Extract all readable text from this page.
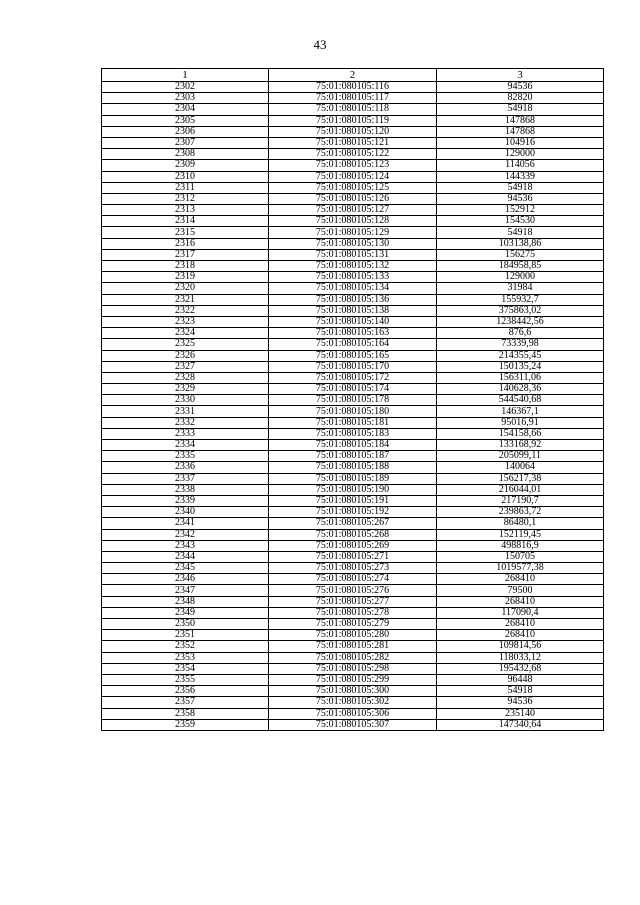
43
1	2	3
2302	75:01:080105:116	94536
2303	75:01:080105:117	82820
2304	75:01:080105:118	54918
2305	75:01:080105:119	147868
2306	75:01:080105:120	147868
2307	75:01:080105:121	104916
2308	75:01:080105:122	129000
2309	75:01:080105:123	114056
2310	75:01:080105:124	144339
2311	75:01:080105:125	54918
2312	75:01:080105:126	94536
2313	75:01:080105:127	152912
2314	75:01:080105:128	154530
2315	75:01:080105:129	54918
2316	75:01:080105:130	103138,86
2317	75:01:080105:131	156275
2318	75:01:080105:132	184958,85
2319	75:01:080105:133	129000
2320	75:01:080105:134	31984
2321	75:01:080105:136	155932,7
2322	75:01:080105:138	375863,02
2323	75:01:080105:140	1238442,56
2324	75:01:080105:163	876,6
2325	75:01:080105:164	73339,98
2326	75:01:080105:165	214355,45
2327	75:01:080105:170	150135,24
2328	75:01:080105:172	156311,06
2329	75:01:080105:174	140628,36
2330	75:01:080105:178	544540,68
2331	75:01:080105:180	146367,1
2332	75:01:080105:181	95016,91
2333	75:01:080105:183	154158,66
2334	75:01:080105:184	133168,92
2335	75:01:080105:187	205099,11
2336	75:01:080105:188	140064
2337	75:01:080105:189	156217,38
2338	75:01:080105:190	216044,01
2339	75:01:080105:191	217190,7
2340	75:01:080105:192	239863,72
2341	75:01:080105:267	86480,1
2342	75:01:080105:268	152119,45
2343	75:01:080105:269	498816,9
2344	75:01:080105:271	150705
2345	75:01:080105:273	1019577,38
2346	75:01:080105:274	268410
2347	75:01:080105:276	79500
2348	75:01:080105:277	268410
2349	75:01:080105:278	117090,4
2350	75:01:080105:279	268410
2351	75:01:080105:280	268410
2352	75:01:080105:281	109814,56
2353	75:01:080105:282	118033,12
2354	75:01:080105:298	195432,68
2355	75:01:080105:299	96448
2356	75:01:080105:300	54918
2357	75:01:080105:302	94536
2358	75:01:080105:306	235140
2359	75:01:080105:307	147340,64
